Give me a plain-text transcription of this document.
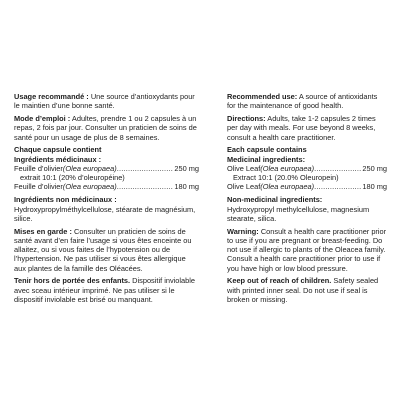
Usage recommandé : Une source d’antioxydants pour le maintien d’une bonne santé.
Mode d’emploi : Adultes, prendre 1 ou 2 capsules à un repas, 2 fois par jour. Consulter un praticien de soins de santé pour un usage de plus de 8 semaines.
Chaque capsule contient
Ingrédients médicinaux :
Feuille d’olivier (Olea europaea) .....	250 mg
extrait 10:1 (20% d’oleuropéine)
Feuille d’olivier (Olea europaea) .....	180 mg
Ingrédients non médicinaux :
Hydroxypropylméthylcellulose, stéarate de magnésium, silice.
Mises en garde : Consulter un praticien de soins de santé avant d’en faire l’usage si vous êtes enceinte ou allaitez, ou si vous faites de l’hypotension ou de l’hypertension. Ne pas utiliser si vous êtes allergique aux plantes de la famille des Oléacées.
Tenir hors de portée des enfants. Dispositif inviolable avec sceau intérieur imprimé. Ne pas utiliser si le dispositif inviolable est brisé ou manquant.
Recommended use: A source of antioxidants for the maintenance of good health.
Directions: Adults, take 1-2 capsules 2 times per day with meals. For use beyond 8 weeks, consult a health care practitioner.
Each capsule contains
Medicinal ingredients:
Olive Leaf (Olea europaea) .....	250 mg
Extract 10:1 (20.0% Oleuropein)
Olive Leaf (Olea europaea) .....	180 mg
Non-medicinal ingredients:
Hydroxypropyl methylcellulose, magnesium stearate, silica.
Warning: Consult a health care practitioner prior to use if you are pregnant or breast-feeding. Do not use if allergic to plants of the Oleacea family. Consult a health care practitioner prior to use if you have high or low blood pressure.
Keep out of reach of children. Safety sealed with printed inner seal. Do not use if seal is broken or missing.
